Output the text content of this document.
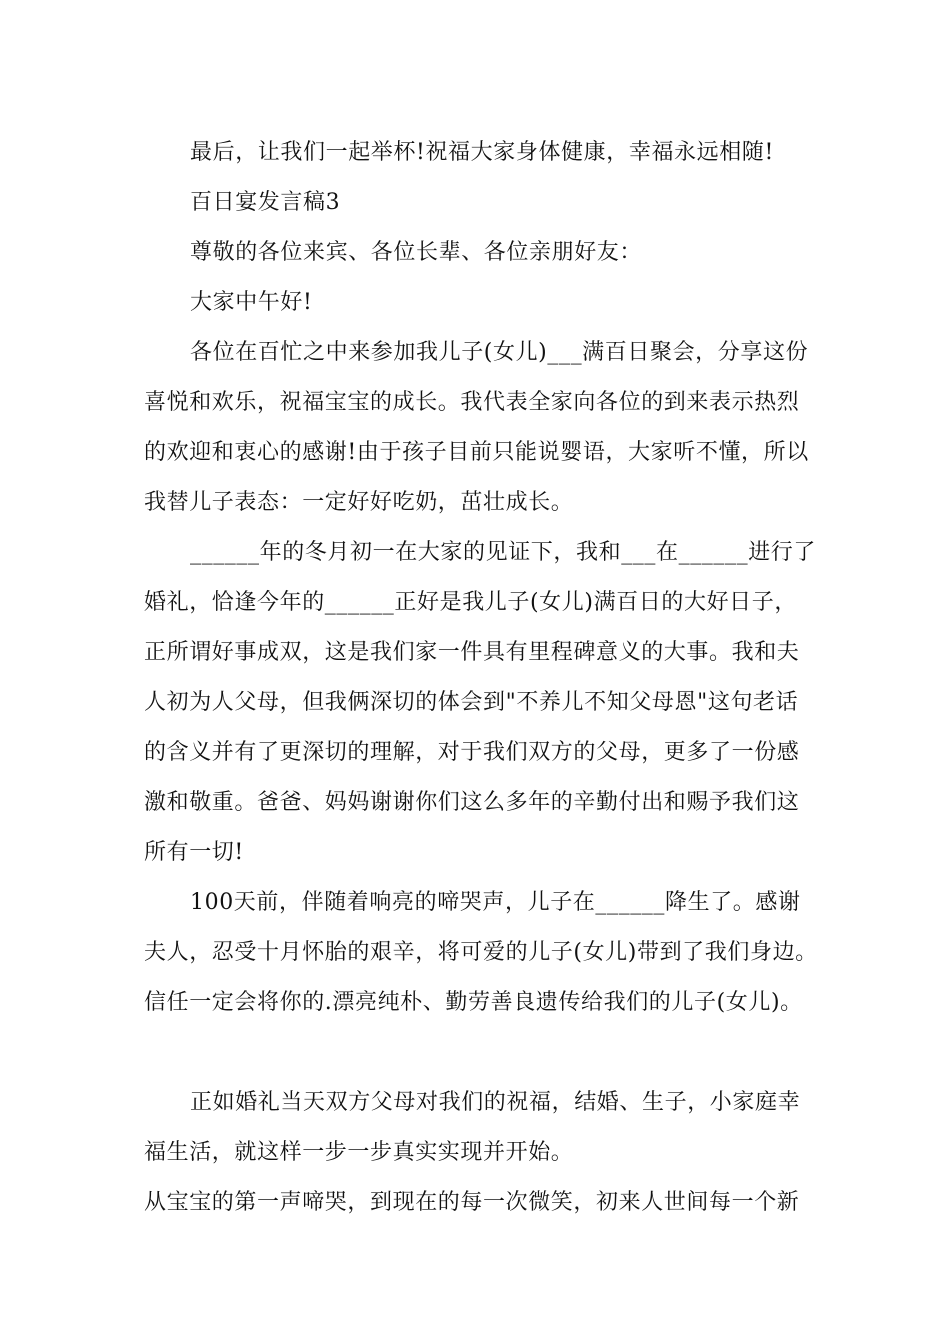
最后，让我们一起举杯!祝福大家身体健康，幸福永远相随!
百日宴发言稿3
尊敬的各位来宾、各位长辈、各位亲朋好友：
大家中午好!
各位在百忙之中来参加我儿子(女儿)___满百日聚会，分享这份
喜悦和欢乐，祝福宝宝的成长。我代表全家向各位的到来表示热烈
的欢迎和衷心的感谢!由于孩子目前只能说婴语，大家听不懂，所以
我替儿子表态：一定好好吃奶，茁壮成长。
______年的冬月初一在大家的见证下，我和___在______进行了
婚礼，恰逢今年的______正好是我儿子(女儿)满百日的大好日子，
正所谓好事成双，这是我们家一件具有里程碑意义的大事。我和夫
人初为人父母，但我俩深切的体会到"不养儿不知父母恩"这句老话
的含义并有了更深切的理解，对于我们双方的父母，更多了一份感
激和敬重。爸爸、妈妈谢谢你们这么多年的辛勤付出和赐予我们这
所有一切!
100天前，伴随着响亮的啼哭声，儿子在______降生了。感谢
夫人，忍受十月怀胎的艰辛，将可爱的儿子(女儿)带到了我们身边。
信任一定会将你的.漂亮纯朴、勤劳善良遗传给我们的儿子(女儿)。
正如婚礼当天双方父母对我们的祝福，结婚、生子，小家庭幸
福生活，就这样一步一步真实实现并开始。
从宝宝的第一声啼哭，到现在的每一次微笑，初来人世间每一个新
